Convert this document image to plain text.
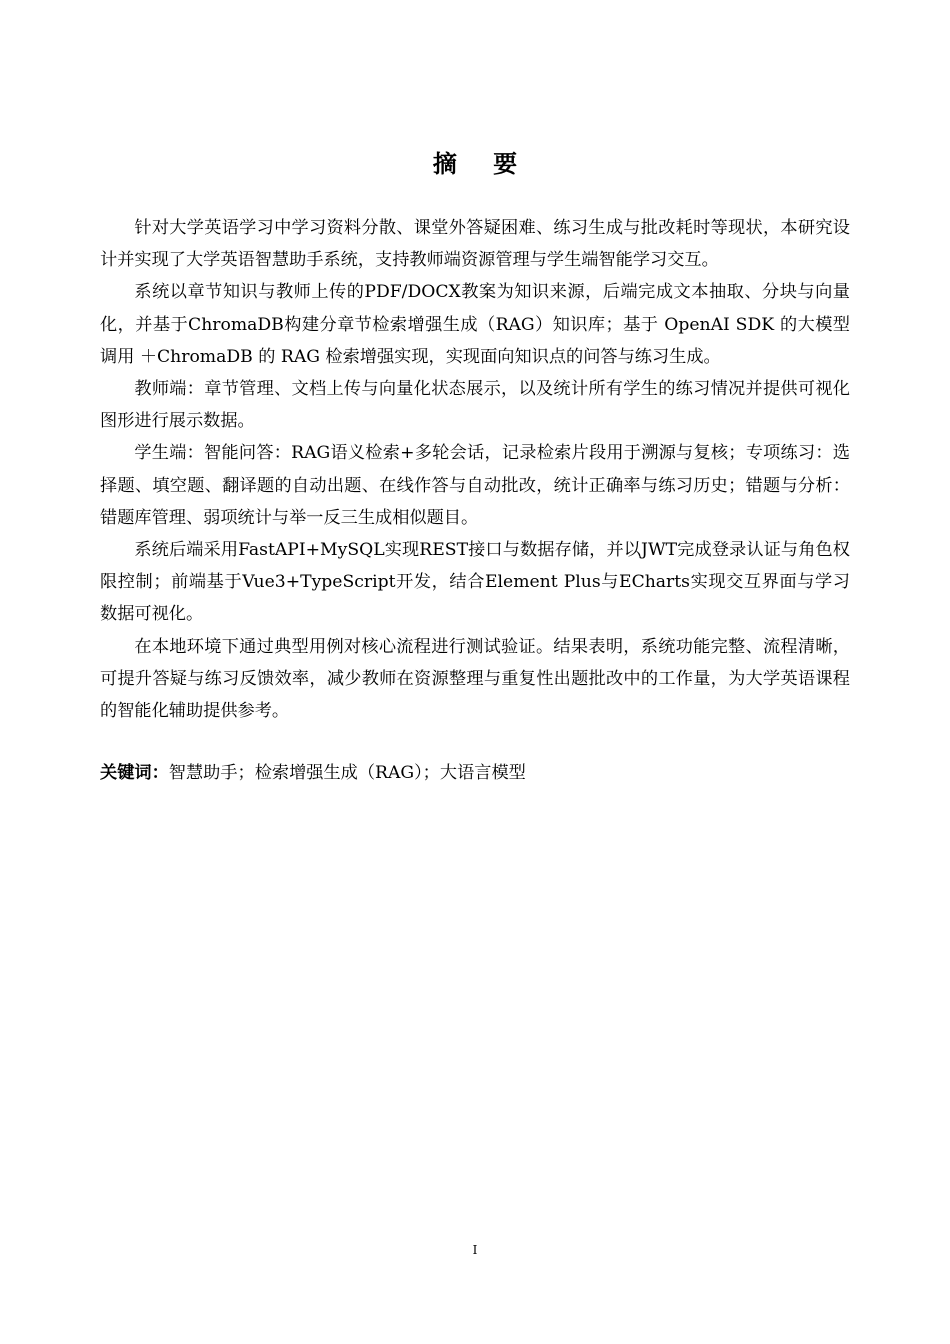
摘 要

针对大学英语学习中学习资料分散、课堂外答疑困难、练习生成与批改耗时等现状，本研究设计并实现了大学英语智慧助手系统，支持教师端资源管理与学生端智能学习交互。

系统以章节知识与教师上传的PDF/DOCX教案为知识来源，后端完成文本抽取、分块与向量化，并基于ChromaDB构建分章节检索增强生成（RAG）知识库；基于 OpenAI SDK 的大模型调用 ＋ChromaDB 的 RAG 检索增强实现，实现面向知识点的问答与练习生成。

教师端：章节管理、文档上传与向量化状态展示，以及统计所有学生的练习情况并提供可视化图形进行展示数据。

学生端：智能问答：RAG语义检索+多轮会话，记录检索片段用于溯源与复核；专项练习：选择题、填空题、翻译题的自动出题、在线作答与自动批改，统计正确率与练习历史；错题与分析：错题库管理、弱项统计与举一反三生成相似题目。

系统后端采用FastAPI+MySQL实现REST接口与数据存储，并以JWT完成登录认证与角色权限控制；前端基于Vue3+TypeScript开发，结合Element Plus与ECharts实现交互界面与学习数据可视化。

在本地环境下通过典型用例对核心流程进行测试验证。结果表明，系统功能完整、流程清晰，可提升答疑与练习反馈效率，减少教师在资源整理与重复性出题批改中的工作量，为大学英语课程的智能化辅助提供参考。

关键词：智慧助手；检索增强生成（RAG）；大语言模型

I
